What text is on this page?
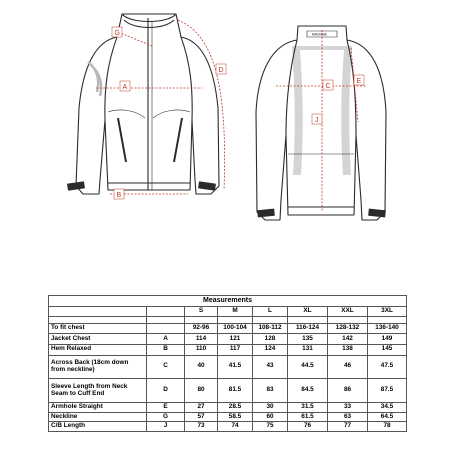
A
B
D
G	MACHINE
C
E
J
Measurements							
		S	M	L	XL	XXL	3XL

To fit chest		92-96	100-104	108-112	116-124	128-132	136-140
Jacket Chest	A	114	121	128	135	142	149
Hem Relaxed	B	110	117	124	131	138	145
Across Back (18cm down from neckline)	C	40	41.5	43	44.5	46	47.5
Sleeve Length from Neck Seam to Cuff End	D	80	81.5	83	84.5	86	87.5
Armhole Straight	E	27	28.5	30	31.5	33	34.5
Neckline	G	57	58.5	60	61.5	63	64.5
C/B Length	J	73	74	75	76	77	78
